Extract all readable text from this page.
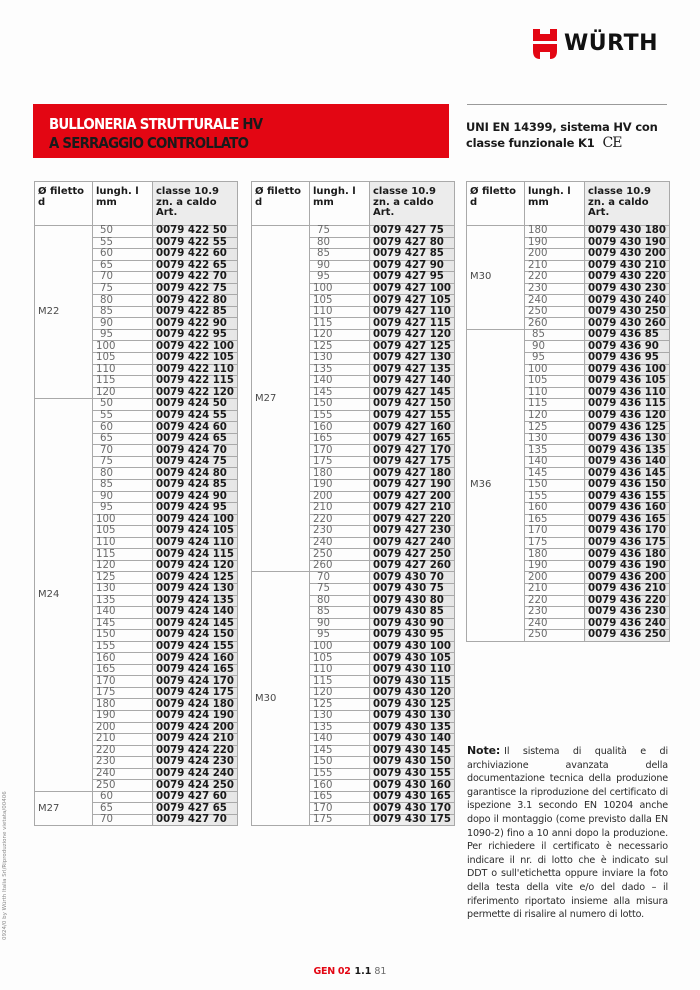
WÜRTH
BULLONERIA STRUTTURALE HV
A SERRAGGIO CONTROLLATO
UNI EN 14399, sistema HV con
classe funzionale K1 CE
Ø filetto
d

lungh. l
mm

classe 10.9
zn. a caldo
Art.

M22	50	0079 422 50
	55	0079 422 55
	60	0079 422 60
	65	0079 422 65
	70	0079 422 70
	75	0079 422 75
	80	0079 422 80
	85	0079 422 85
	90	0079 422 90
	95	0079 422 95
	100	0079 422 100
	105	0079 422 105
	110	0079 422 110
	115	0079 422 115
	120	0079 422 120
M24	50	0079 424 50
	55	0079 424 55
	60	0079 424 60
	65	0079 424 65
	70	0079 424 70
	75	0079 424 75
	80	0079 424 80
	85	0079 424 85
	90	0079 424 90
	95	0079 424 95
	100	0079 424 100
	105	0079 424 105
	110	0079 424 110
	115	0079 424 115
	120	0079 424 120
	125	0079 424 125
	130	0079 424 130
	135	0079 424 135
	140	0079 424 140
	145	0079 424 145
	150	0079 424 150
	155	0079 424 155
	160	0079 424 160
	165	0079 424 165
	170	0079 424 170
	175	0079 424 175
	180	0079 424 180
	190	0079 424 190
	200	0079 424 200
	210	0079 424 210
	220	0079 424 220
	230	0079 424 230
	240	0079 424 240
	250	0079 424 250
M27	60	0079 427 60
	65	0079 427 65
	70	0079 427 70
Ø filetto
d

lungh. l
mm

classe 10.9
zn. a caldo
Art.

M27	75	0079 427 75
	80	0079 427 80
	85	0079 427 85
	90	0079 427 90
	95	0079 427 95
	100	0079 427 100
	105	0079 427 105
	110	0079 427 110
	115	0079 427 115
	120	0079 427 120
	125	0079 427 125
	130	0079 427 130
	135	0079 427 135
	140	0079 427 140
	145	0079 427 145
	150	0079 427 150
	155	0079 427 155
	160	0079 427 160
	165	0079 427 165
	170	0079 427 170
	175	0079 427 175
	180	0079 427 180
	190	0079 427 190
	200	0079 427 200
	210	0079 427 210
	220	0079 427 220
	230	0079 427 230
	240	0079 427 240
	250	0079 427 250
	260	0079 427 260
M30	70	0079 430 70
	75	0079 430 75
	80	0079 430 80
	85	0079 430 85
	90	0079 430 90
	95	0079 430 95
	100	0079 430 100
	105	0079 430 105
	110	0079 430 110
	115	0079 430 115
	120	0079 430 120
	125	0079 430 125
	130	0079 430 130
	135	0079 430 135
	140	0079 430 140
	145	0079 430 145
	150	0079 430 150
	155	0079 430 155
	160	0079 430 160
	165	0079 430 165
	170	0079 430 170
	175	0079 430 175
Ø filetto
d

lungh. l
mm

classe 10.9
zn. a caldo
Art.

M30	180	0079 430 180
	190	0079 430 190
	200	0079 430 200
	210	0079 430 210
	220	0079 430 220
	230	0079 430 230
	240	0079 430 240
	250	0079 430 250
	260	0079 430 260
M36	85	0079 436 85
	90	0079 436 90
	95	0079 436 95
	100	0079 436 100
	105	0079 436 105
	110	0079 436 110
	115	0079 436 115
	120	0079 436 120
	125	0079 436 125
	130	0079 436 130
	135	0079 436 135
	140	0079 436 140
	145	0079 436 145
	150	0079 436 150
	155	0079 436 155
	160	0079 436 160
	165	0079 436 165
	170	0079 436 170
	175	0079 436 175
	180	0079 436 180
	190	0079 436 190
	200	0079 436 200
	210	0079 436 210
	220	0079 436 220
	230	0079 436 230
	240	0079 436 240
	250	0079 436 250
Note: Il sistema di qualità e di archiviazione avanzata della documentazione tecnica della produzione garantisce la riproduzione del certificato di ispezione 3.1 secondo EN 10204 anche dopo il montaggio (come previsto dalla EN 1090-2) fino a 10 anni dopo la produzione. Per richiedere il certificato è necessario indicare il nr. di lotto che è indicato sul DDT o sull'etichetta oppure inviare la foto della testa della vite e/o del dado – il riferimento riportato insieme alla misura permette di risalire al numero di lotto.
0924/0 by Würth Italia Srl/Riproduzione vietata/00406
GEN 02 1.1 81
